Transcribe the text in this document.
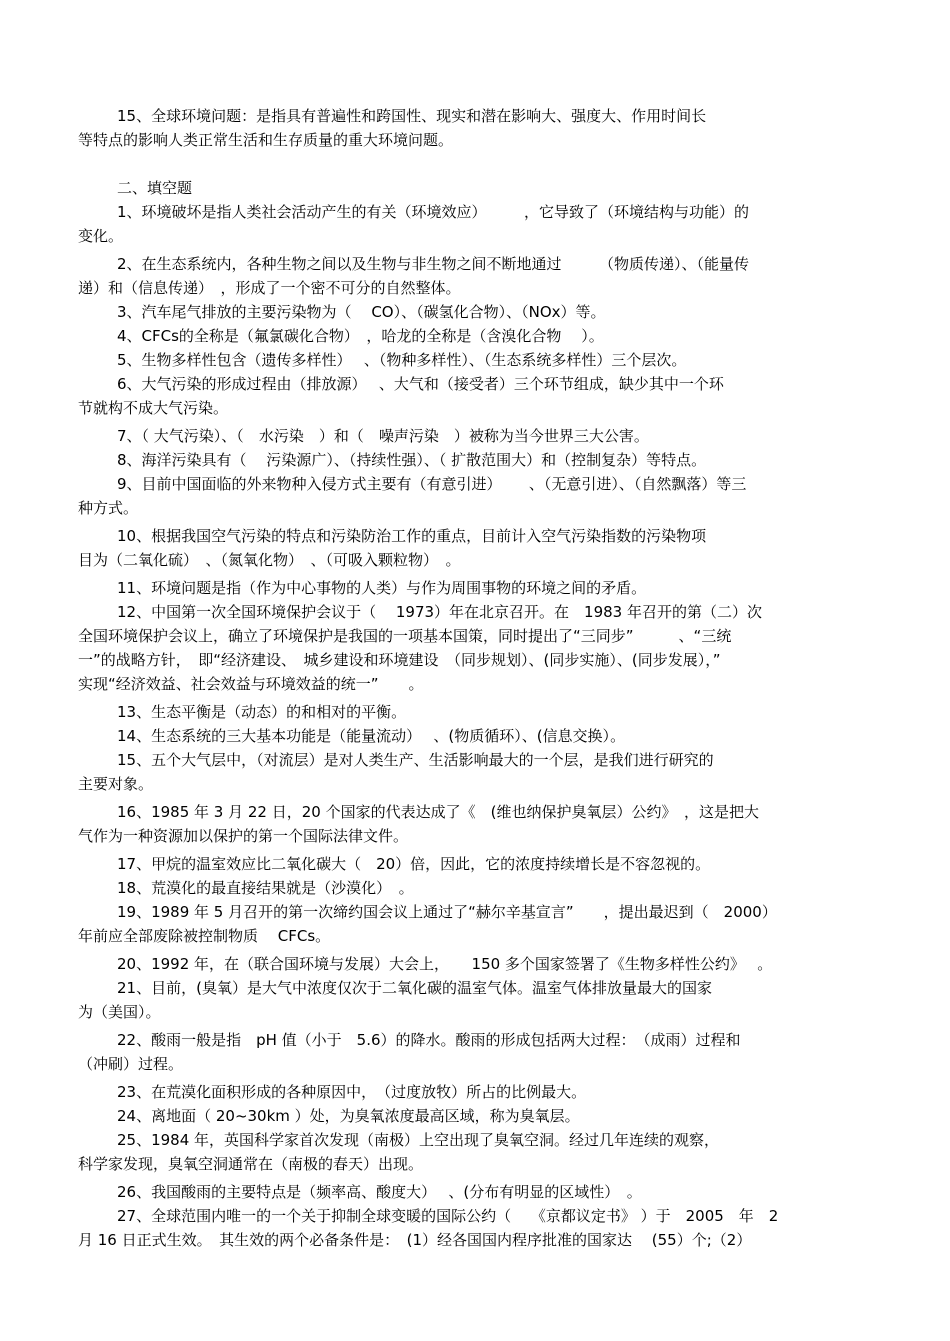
15、全球环境问题：是指具有普遍性和跨国性、现实和潜在影响大、强度大、作用时间长

等特点的影响人类正常生活和生存质量的重大环境问题。

二、填空题

1、环境破坏是指人类社会活动产生的有关（环境效应）　　　，它导致了（环境结构与功能）的

变化。

2、在生态系统内，各种生物之间以及生物与非生物之间不断地通过　　　（物质传递）、（能量传

递）和（信息传递）　，形成了一个密不可分的自然整体。

3、汽车尾气排放的主要污染物为（　 CO）、（碳氢化合物）、（NOx）等。

4、CFCs的全称是（氟氯碳化合物）　，哈龙的全称是（含溴化合物　 ）。

5、生物多样性包含（遗传多样性）　 、（物种多样性）、（生态系统多样性）三个层次。

6、大气污染的形成过程由（排放源）　 、大气和（接受者）三个环节组成，缺少其中一个环

节就构不成大气污染。

7、（ 大气污染）、（　水污染　）和（　噪声污染　）被称为当今世界三大公害。

8、海洋污染具有（　 污染源广）、（持续性强）、（ 扩散范围大）和（控制复杂）等特点。

9、目前中国面临的外来物种入侵方式主要有（有意引进）　　 、（无意引进）、（自然飘落）等三

种方式。

10、根据我国空气污染的特点和污染防治工作的重点，目前计入空气污染指数的污染物项

目为（二氧化硫）　、（氮氧化物）　、（可吸入颗粒物）　。

11、环境问题是指（作为中心事物的人类）与作为周围事物的环境之间的矛盾。

12、中国第一次全国环境保护会议于（　 1973）年在北京召开。在　1983 年召开的第（二）次

全国环境保护会议上，确立了环境保护是我国的一项基本国策，同时提出了“三同步”　　　、“三统

一”的战略方针，　即“经济建设、　城乡建设和环境建设　（同步规划）、(同步实施）、(同步发展），”

实现“经济效益、社会效益与环境效益的统一”　　。

13、生态平衡是（动态）的和相对的平衡。

14、生态系统的三大基本功能是（能量流动）　 、(物质循环）、(信息交换）。

15、五个大气层中，（对流层）是对人类生产、生活影响最大的一个层，是我们进行研究的

主要对象。

16、1985 年 3 月 22 日，20 个国家的代表达成了《　(维也纳保护臭氧层）公约》　，这是把大

气作为一种资源加以保护的第一个国际法律文件。

17、甲烷的温室效应比二氧化碳大（　20）倍，因此，它的浓度持续增长是不容忽视的。

18、荒漠化的最直接结果就是（沙漠化）　。

19、1989 年 5 月召开的第一次缔约国会议上通过了“赫尔辛基宣言”　　，提出最迟到（　2000）

年前应全部废除被控制物质　 CFCs。

20、1992 年，在（联合国环境与发展）大会上，　　150 多个国家签署了《生物多样性公约》　 。

21、目前，(臭氧）是大气中浓度仅次于二氧化碳的温室气体。温室气体排放量最大的国家

为（美国）。

22、酸雨一般是指　pH 值（小于　5.6）的降水。酸雨的形成包括两大过程：　（成雨）过程和

（冲刷）过程。

23、在荒漠化面积形成的各种原因中，　（过度放牧）所占的比例最大。

24、离地面（ 20~30km ）处，为臭氧浓度最高区域，称为臭氧层。

25、1984 年，英国科学家首次发现（南极）上空出现了臭氧空洞。经过几年连续的观察，

科学家发现，臭氧空洞通常在（南极的春天）出现。

26、我国酸雨的主要特点是（频率高、酸度大）　 、(分布有明显的区域性）　。

27、全球范围内唯一的一个关于抑制全球变暖的国际公约（　 《京都议定书》 ）于　2005　年　2

月 16 日正式生效。　其生效的两个必备条件是：　(1）经各国国内程序批准的国家达　 (55）个;（2）
